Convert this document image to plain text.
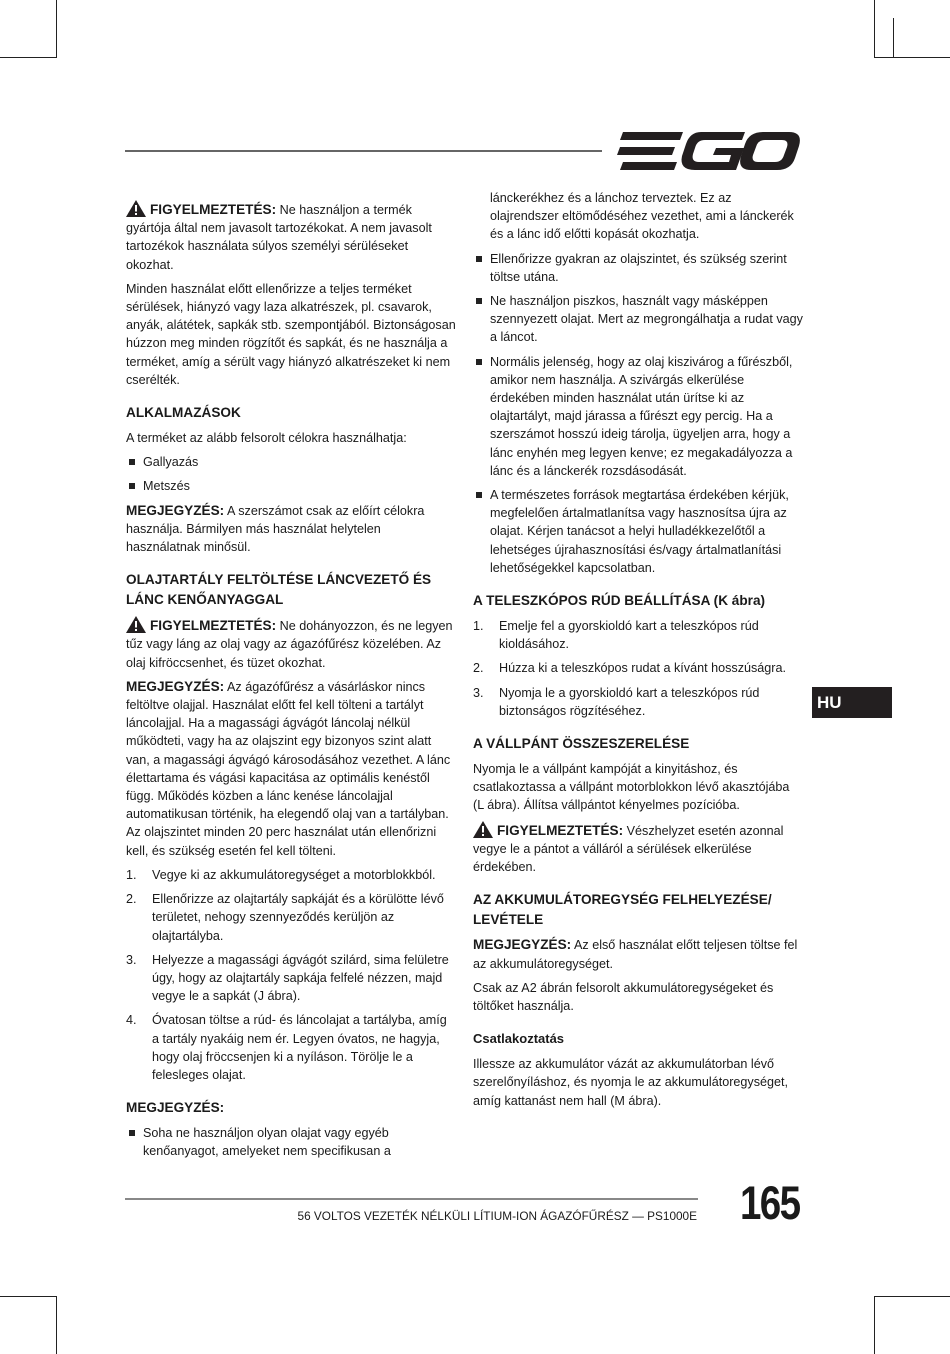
FIGYELMEZTETÉS: Ne használjon a termék gyártója által nem javasolt tartozékokat. A nem javasolt tartozékok használata súlyos személyi sérüléseket okozhat.

Minden használat előtt ellenőrizze a teljes terméket sérülések, hiányzó vagy laza alkatrészek, pl. csavarok, anyák, alátétek, sapkák stb. szempontjából. Biztonságosan húzzon meg minden rögzítőt és sapkát, és ne használja a terméket, amíg a sérült vagy hiányzó alkatrészeket ki nem cserélték.

ALKALMAZÁSOK

A terméket az alább felsorolt célokra használhatja:

Gallyazás
Metszés

MEGJEGYZÉS: A szerszámot csak az előírt célokra használja. Bármilyen más használat helytelen használatnak minősül.

OLAJTARTÁLY FELTÖLTÉSE LÁNCVEZETŐ ÉS LÁNC KENŐANYAGGAL

FIGYELMEZTETÉS: Ne dohányozzon, és ne legyen tűz vagy láng az olaj vagy az ágazófűrész közelében. Az olaj kifröccsenhet, és tüzet okozhat.

MEGJEGYZÉS: Az ágazófűrész a vásárláskor nincs feltöltve olajjal. Használat előtt fel kell tölteni a tartályt láncolajjal. Ha a magassági ágvágót láncolaj nélkül működteti, vagy ha az olajszint egy bizonyos szint alatt van, a magassági ágvágó károsodásához vezethet. A lánc élettartama és vágási kapacitása az optimális kenéstől függ. Működés közben a lánc kenése láncolajjal automatikusan történik, ha elegendő olaj van a tartályban. Az olajszintet minden 20 perc használat után ellenőrizni kell, és szükség esetén fel kell tölteni.

1. Vegye ki az akkumulátoregységet a motorblokkból.
2. Ellenőrizze az olajtartály sapkáját és a körülötte lévő területet, nehogy szennyeződés kerüljön az olajtartályba.
3. Helyezze a magassági ágvágót szilárd, sima felületre úgy, hogy az olajtartály sapkája felfelé nézzen, majd vegye le a sapkát (J ábra).
4. Óvatosan töltse a rúd- és láncolajat a tartályba, amíg a tartály nyakáig nem ér. Legyen óvatos, ne hagyja, hogy olaj fröccsenjen ki a nyíláson. Törölje le a felesleges olajat.
MEGJEGYZÉS:
Soha ne használjon olyan olajat vagy egyéb kenőanyagot, amelyeket nem specifikusan a

lánckerékhez és a lánchoz terveztek. Ez az olajrendszer eltömődéséhez vezethet, ami a lánckerék és a lánc idő előtti kopását okozhatja.

Ellenőrizze gyakran az olajszintet, és szükség szerint töltse utána.
Ne használjon piszkos, használt vagy másképpen szennyezett olajat. Mert az megrongálhatja a rudat vagy a láncot.
Normális jelenség, hogy az olaj kiszivárog a fűrészből, amikor nem használja. A szivárgás elkerülése érdekében minden használat után ürítse ki az olajtartályt, majd járassa a fűrészt egy percig. Ha a szerszámot hosszú ideig tárolja, ügyeljen arra, hogy a lánc enyhén meg legyen kenve; ez megakadályozza a lánc és a lánckerék rozsdásodását.
A természetes források megtartása érdekében kérjük, megfelelően ártalmatlanítsa vagy hasznosítsa újra az olajat. Kérjen tanácsot a helyi hulladékkezelőtől a lehetséges újrahasznosítási és/vagy ártalmatlanítási lehetőségekkel kapcsolatban.
A TELESZKÓPOS RÚD BEÁLLÍTÁSA (K ábra)
1. Emelje fel a gyorskioldó kart a teleszkópos rúd kioldásához.
2. Húzza ki a teleszkópos rudat a kívánt hosszúságra.
3. Nyomja le a gyorskioldó kart a teleszkópos rúd biztonságos rögzítéséhez.
A VÁLLPÁNT ÖSSZESZERELÉSE

Nyomja le a vállpánt kampóját a kinyitáshoz, és csatlakoztassa a vállpánt motorblokkon lévő akasztójába (L ábra). Állítsa vállpántot kényelmes pozícióba.

FIGYELMEZTETÉS: Vészhelyzet esetén azonnal vegye le a pántot a válláról a sérülések elkerülése érdekében.

AZ AKKUMULÁTOREGYSÉG FELHELYEZÉSE/ LEVÉTELE

MEGJEGYZÉS: Az első használat előtt teljesen töltse fel az akkumulátoregységet.

Csak az A2 ábrán felsorolt akkumulátoregységeket és töltőket használja.

Csatlakoztatás

Illessze az akkumulátor vázát az akkumulátorban lévő szerelőnyíláshoz, és nyomja le az akkumulátoregységet, amíg kattanást nem hall (M ábra).

HU
56 VOLTOS VEZETÉK NÉLKÜLI LÍTIUM-ION ÁGAZÓFŰRÉSZ — PS1000E 165
